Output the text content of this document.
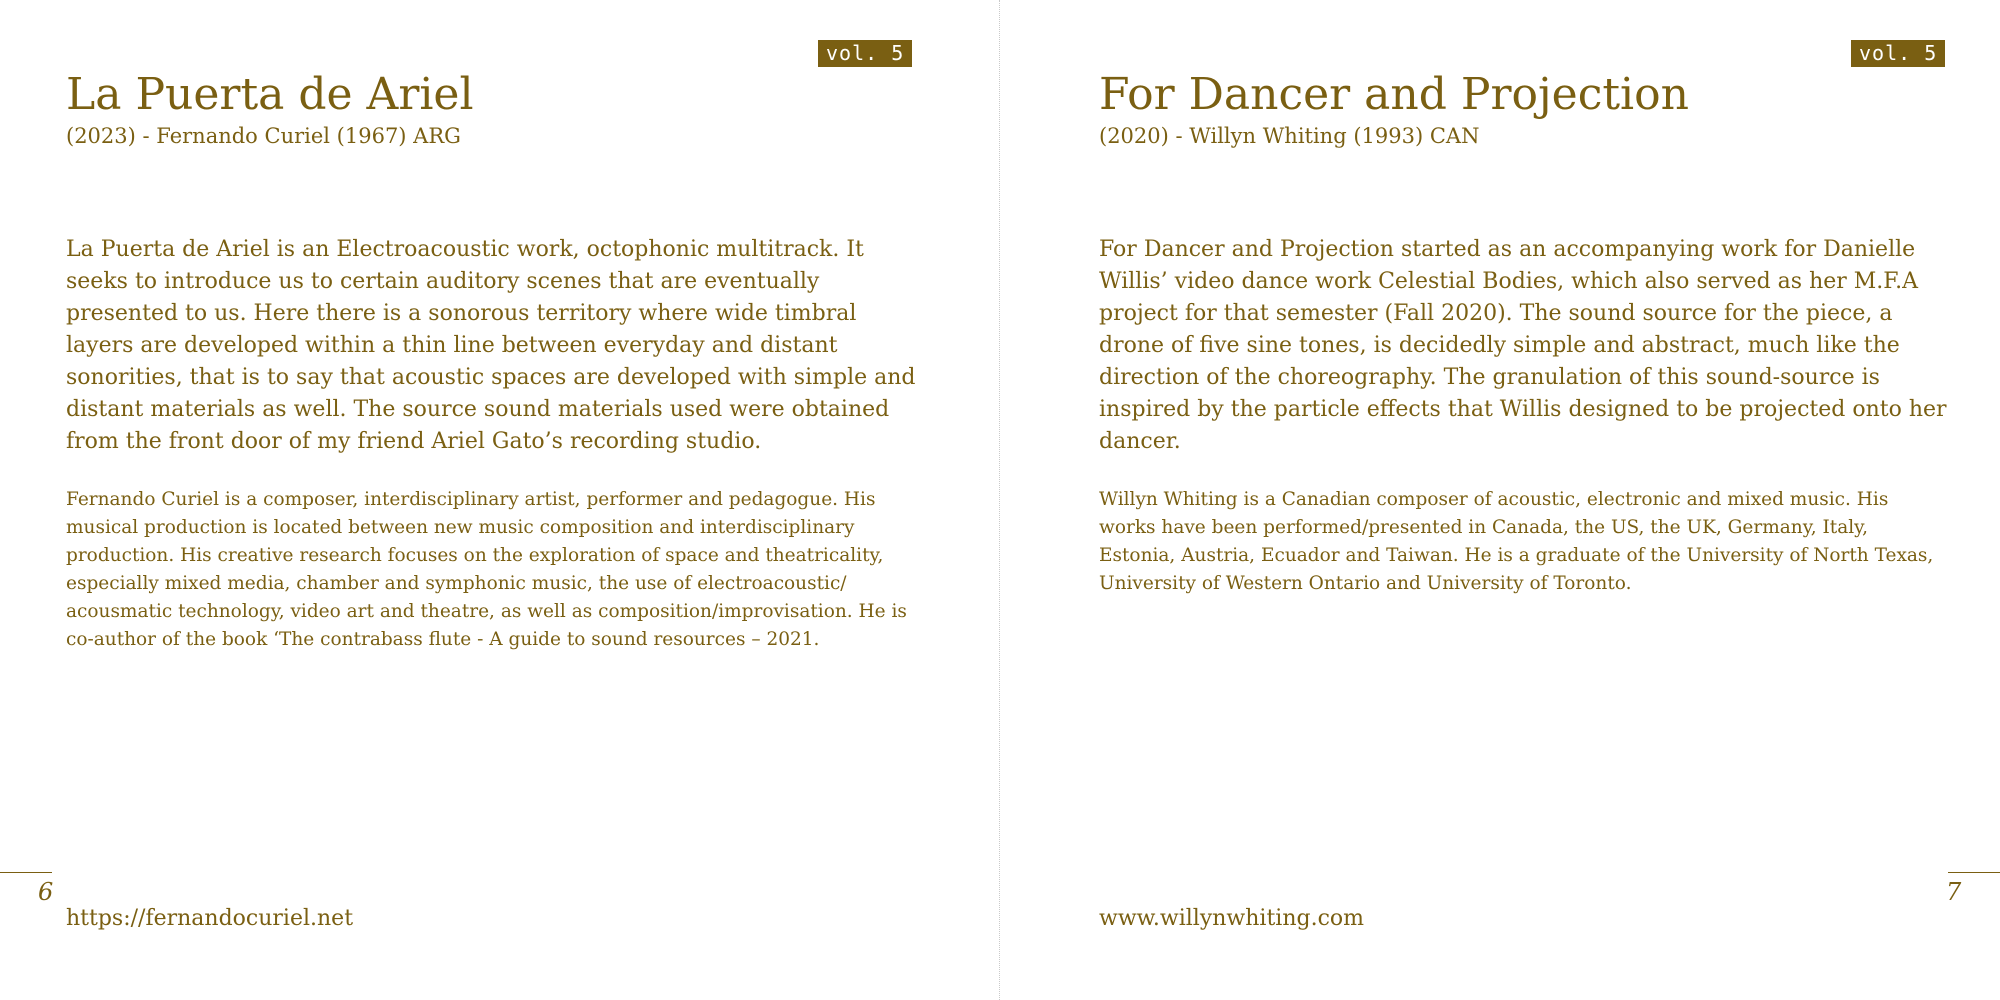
vol. 5
La Puerta de Ariel
(2023) - Fernando Curiel (1967) ARG

La Puerta de Ariel is an Electroacoustic work, octophonic multitrack. It seeks to introduce us to certain auditory scenes that are eventually presented to us. Here there is a sonorous territory where wide timbral layers are developed within a thin line between everyday and distant sonorities, that is to say that acoustic spaces are developed with simple and distant materials as well. The source sound materials used were obtained from the front door of my friend Ariel Gato’s recording studio.

Fernando Curiel is a composer, interdisciplinary artist, performer and pedagogue. His musical production is located between new music composition and interdisciplinary production. His creative research focuses on the exploration of space and theatricality, especially mixed media, chamber and symphonic music, the use of electroacoustic/ acousmatic technology, video art and theatre, as well as composition/improvisation. He is co-author of the book ‘The contrabass flute - A guide to sound resources – 2021.

6
https://fernandocuriel.net
vol. 5
For Dancer and Projection
(2020) - Willyn Whiting (1993) CAN

For Dancer and Projection started as an accompanying work for Danielle Willis’ video dance work Celestial Bodies, which also served as her M.F.A project for that semester (Fall 2020). The sound source for the piece, a drone of five sine tones, is decidedly simple and abstract, much like the direction of the choreography. The granulation of this sound-source is inspired by the particle effects that Willis designed to be projected onto her dancer.

Willyn Whiting is a Canadian composer of acoustic, electronic and mixed music. His works have been performed/presented in Canada, the US, the UK, Germany, Italy, Estonia, Austria, Ecuador and Taiwan. He is a graduate of the University of North Texas, University of Western Ontario and University of Toronto.

7
www.willynwhiting.com
